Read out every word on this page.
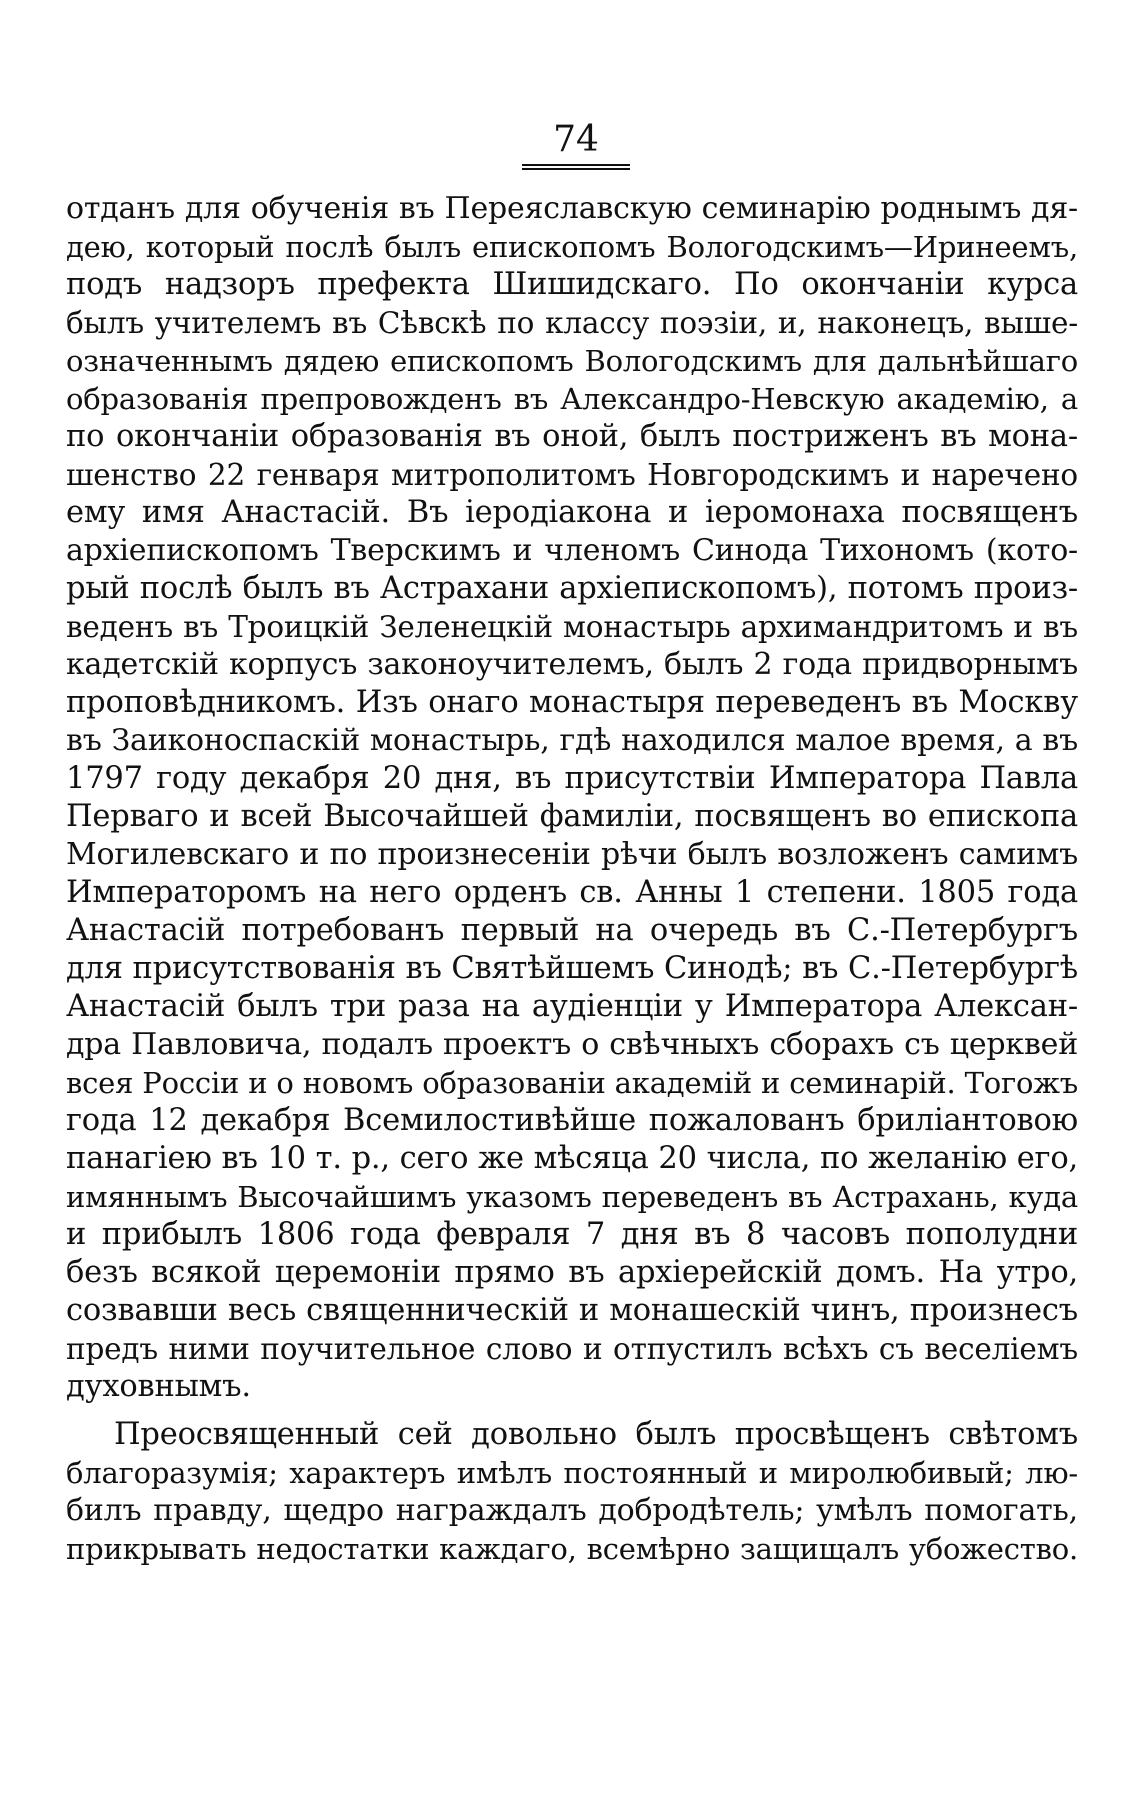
74
отданъ для обученія въ Переяславскую семинарію роднымъ дя-
дею, который послѣ былъ епископомъ Вологодскимъ—Иринеемъ,
подъ надзоръ префекта Шишидскаго. По окончаніи курса
былъ учителемъ въ Сѣвскѣ по классу поэзіи, и, наконецъ, выше-
означеннымъ дядею епископомъ Вологодскимъ для дальнѣйшаго
образованія препровожденъ въ Александро-Невскую академію, а
по окончаніи образованія въ оной, былъ постриженъ въ мона-
шенство 22 генваря митрополитомъ Новгородскимъ и наречено
ему имя Анастасій. Въ іеродіакона и іеромонаха посвященъ
архіепископомъ Тверскимъ и членомъ Синода Тихономъ (кото-
рый послѣ былъ въ Астрахани архіепископомъ), потомъ произ-
веденъ въ Троицкій Зеленецкій монастырь архимандритомъ и въ
кадетскій корпусъ законоучителемъ, былъ 2 года придворнымъ
проповѣдникомъ. Изъ онаго монастыря переведенъ въ Москву
въ Заиконоспаскій монастырь, гдѣ находился малое время, а въ
1797 году декабря 20 дня, въ присутствіи Императора Павла
Перваго и всей Высочайшей фамиліи, посвященъ во епископа
Могилевскаго и по произнесеніи рѣчи былъ возложенъ самимъ
Императоромъ на него орденъ св. Анны 1 степени. 1805 года
Анастасій потребованъ первый на очередь въ С.-Петербургъ
для присутствованія въ Святѣйшемъ Синодѣ; въ С.-Петербургѣ
Анастасій былъ три раза на аудіенціи у Императора Алексан-
дра Павловича, подалъ проектъ о свѣчныхъ сборахъ съ церквей
всея Россіи и о новомъ образованіи академій и семинарій. Тогожъ
года 12 декабря Всемилостивѣйше пожалованъ бриліантовою
панагіею въ 10 т. р., сего же мѣсяца 20 числа, по желанію его,
имяннымъ Высочайшимъ указомъ переведенъ въ Астрахань, куда
и прибылъ 1806 года февраля 7 дня въ 8 часовъ пополудни
безъ всякой церемоніи прямо въ архіерейскій домъ. На утро,
созвавши весь священническій и монашескій чинъ, произнесъ
предъ ними поучительное слово и отпустилъ всѣхъ съ веселіемъ
духовнымъ.
Преосвященный сей довольно былъ просвѣщенъ свѣтомъ
благоразумія; характеръ имѣлъ постоянный и миролюбивый; лю-
билъ правду, щедро награждалъ добродѣтель; умѣлъ помогать,
прикрывать недостатки каждаго, всемѣрно защищалъ убожество.
